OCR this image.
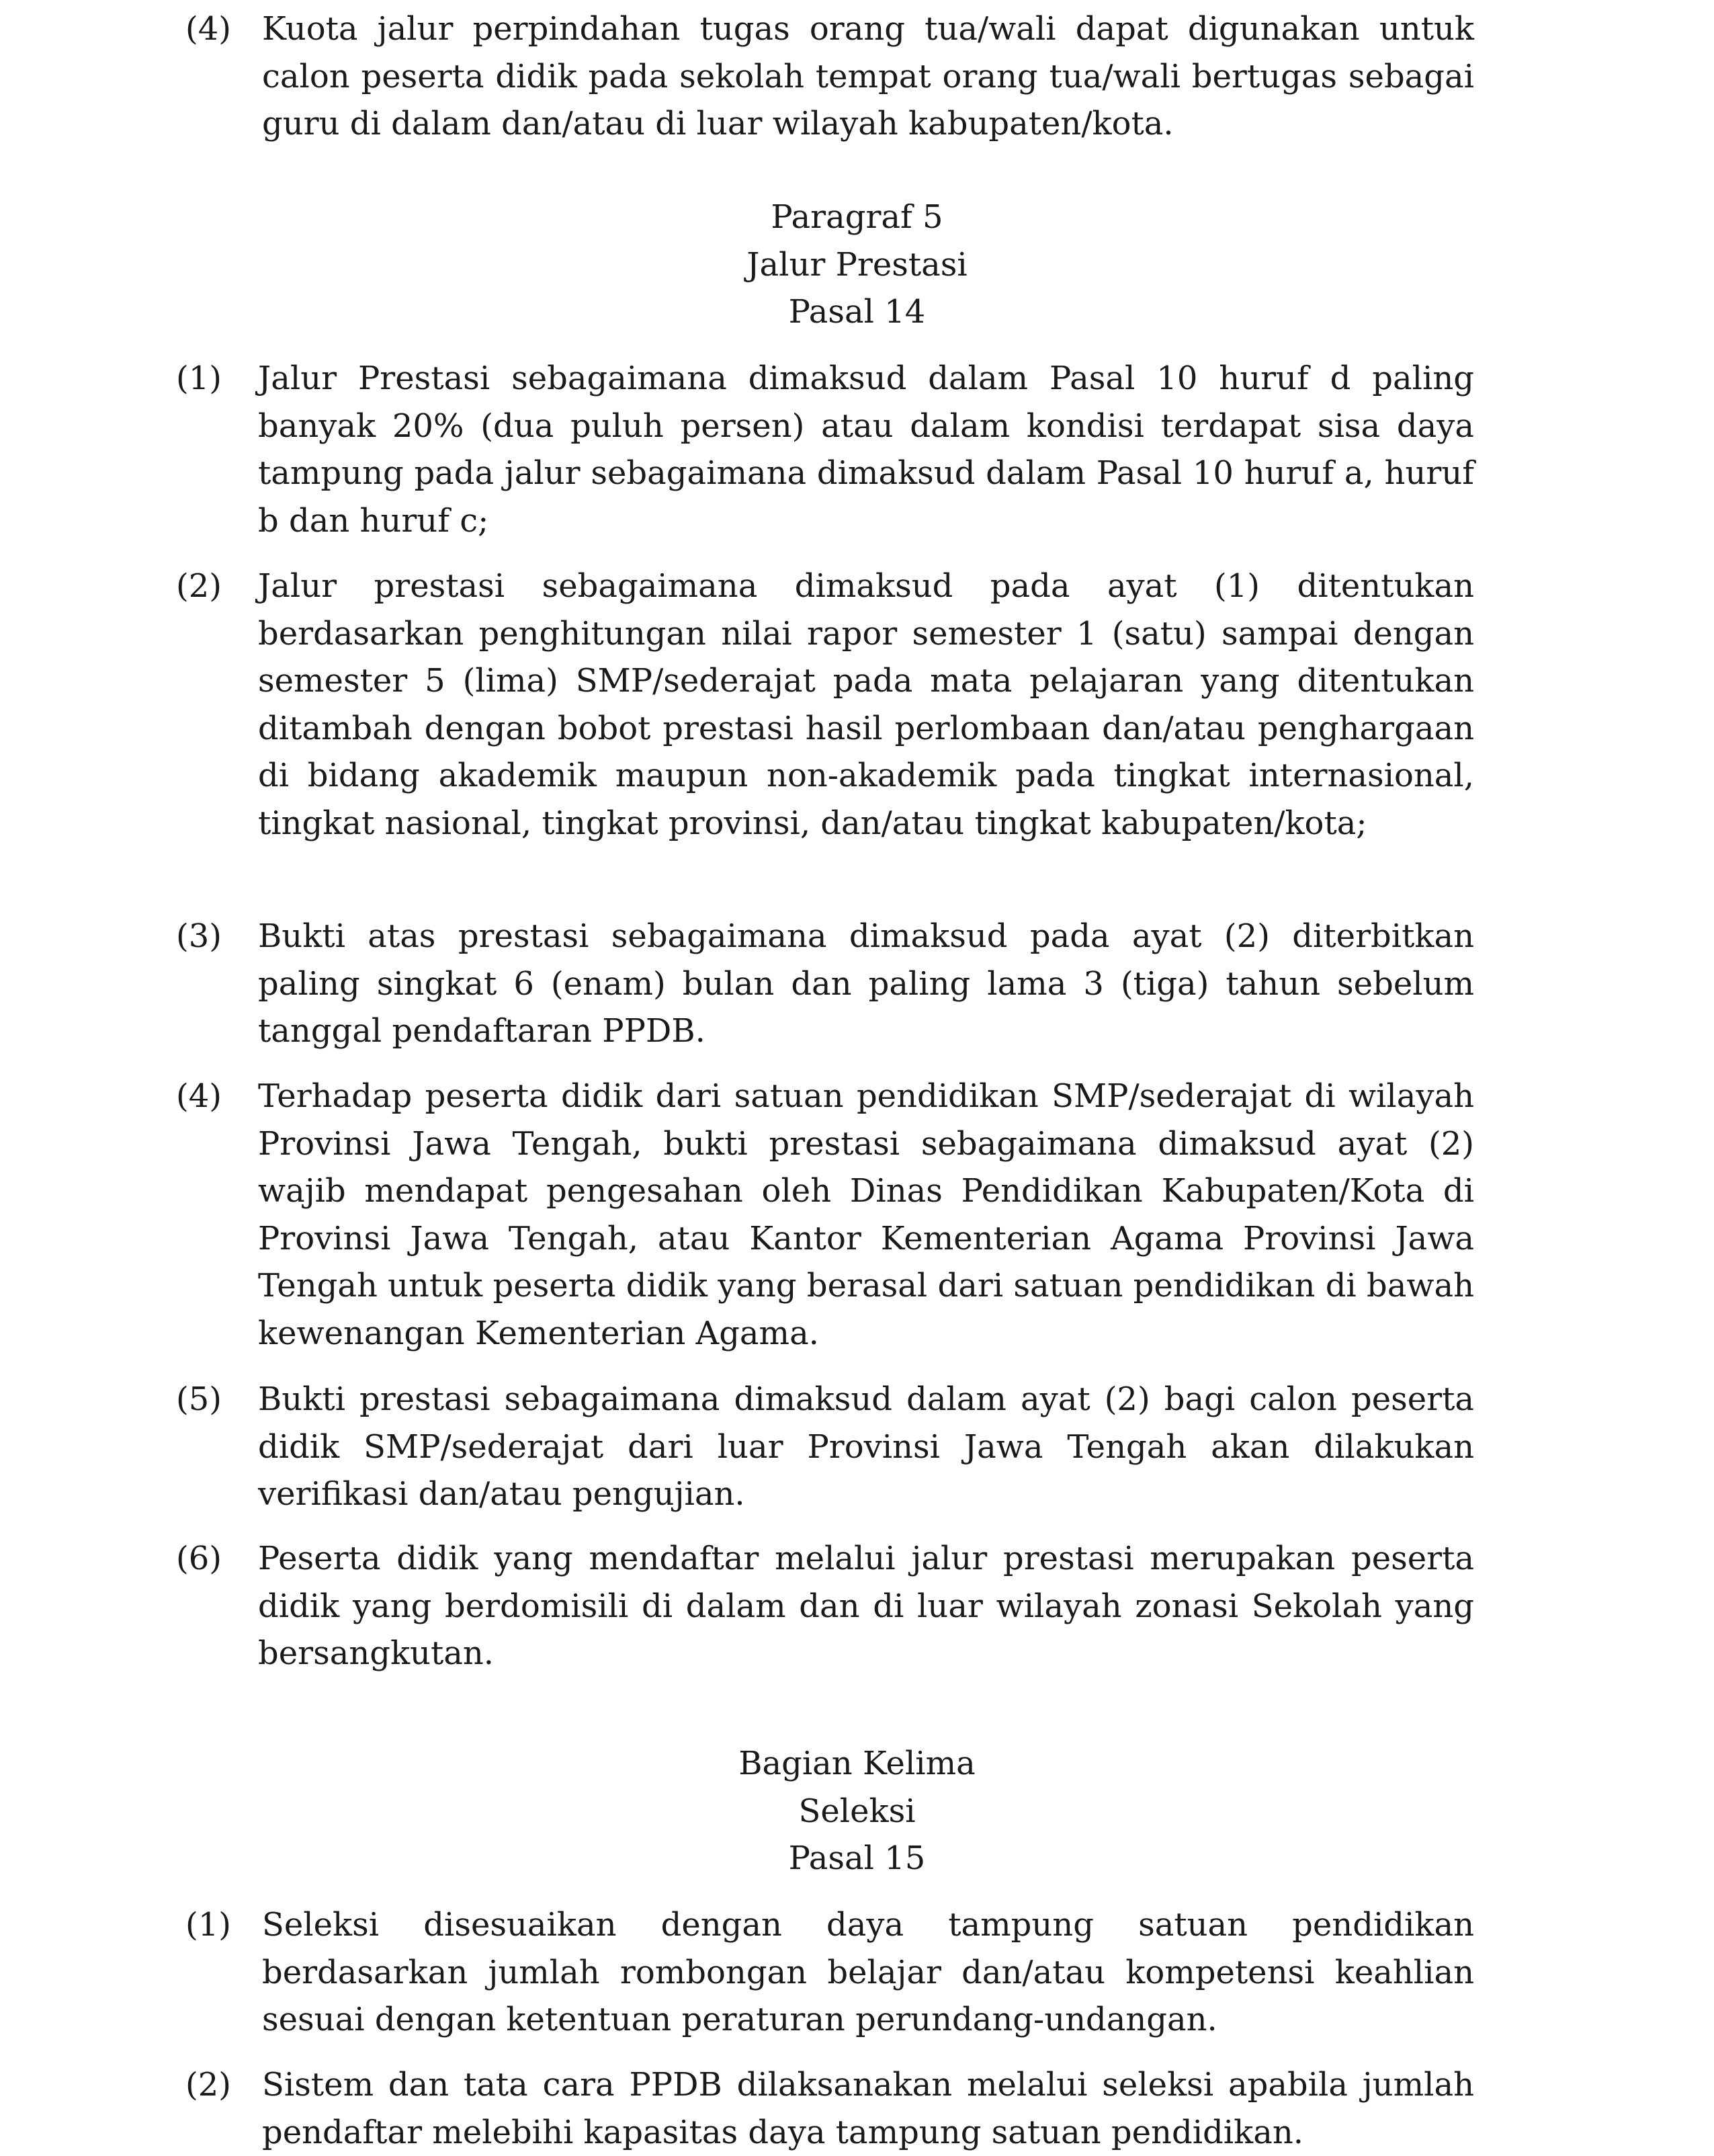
(4) Kuota jalur perpindahan tugas orang tua/wali dapat digunakan untuk calon peserta didik pada sekolah tempat orang tua/wali bertugas sebagai guru di dalam dan/atau di luar wilayah kabupaten/kota.
Paragraf 5
Jalur Prestasi
Pasal 14
(1) Jalur Prestasi sebagaimana dimaksud dalam Pasal 10 huruf d paling banyak 20% (dua puluh persen) atau dalam kondisi terdapat sisa daya tampung pada jalur sebagaimana dimaksud dalam Pasal 10 huruf a, huruf b dan huruf c;
(2) Jalur prestasi sebagaimana dimaksud pada ayat (1) ditentukan berdasarkan penghitungan nilai rapor semester 1 (satu) sampai dengan semester 5 (lima) SMP/sederajat pada mata pelajaran yang ditentukan ditambah dengan bobot prestasi hasil perlombaan dan/atau penghargaan di bidang akademik maupun non-akademik pada tingkat internasional, tingkat nasional, tingkat provinsi, dan/atau tingkat kabupaten/kota;
(3) Bukti atas prestasi sebagaimana dimaksud pada ayat (2) diterbitkan paling singkat 6 (enam) bulan dan paling lama 3 (tiga) tahun sebelum tanggal pendaftaran PPDB.
(4) Terhadap peserta didik dari satuan pendidikan SMP/sederajat di wilayah Provinsi Jawa Tengah, bukti prestasi sebagaimana dimaksud ayat (2) wajib mendapat pengesahan oleh Dinas Pendidikan Kabupaten/Kota di Provinsi Jawa Tengah, atau Kantor Kementerian Agama Provinsi Jawa Tengah untuk peserta didik yang berasal dari satuan pendidikan di bawah kewenangan Kementerian Agama.
(5) Bukti prestasi sebagaimana dimaksud dalam ayat (2) bagi calon peserta didik SMP/sederajat dari luar Provinsi Jawa Tengah akan dilakukan verifikasi dan/atau pengujian.
(6) Peserta didik yang mendaftar melalui jalur prestasi merupakan peserta didik yang berdomisili di dalam dan di luar wilayah zonasi Sekolah yang bersangkutan.
Bagian Kelima
Seleksi
Pasal 15
(1) Seleksi disesuaikan dengan daya tampung satuan pendidikan berdasarkan jumlah rombongan belajar dan/atau kompetensi keahlian sesuai dengan ketentuan peraturan perundang-undangan.
(2) Sistem dan tata cara PPDB dilaksanakan melalui seleksi apabila jumlah pendaftar melebihi kapasitas daya tampung satuan pendidikan.
